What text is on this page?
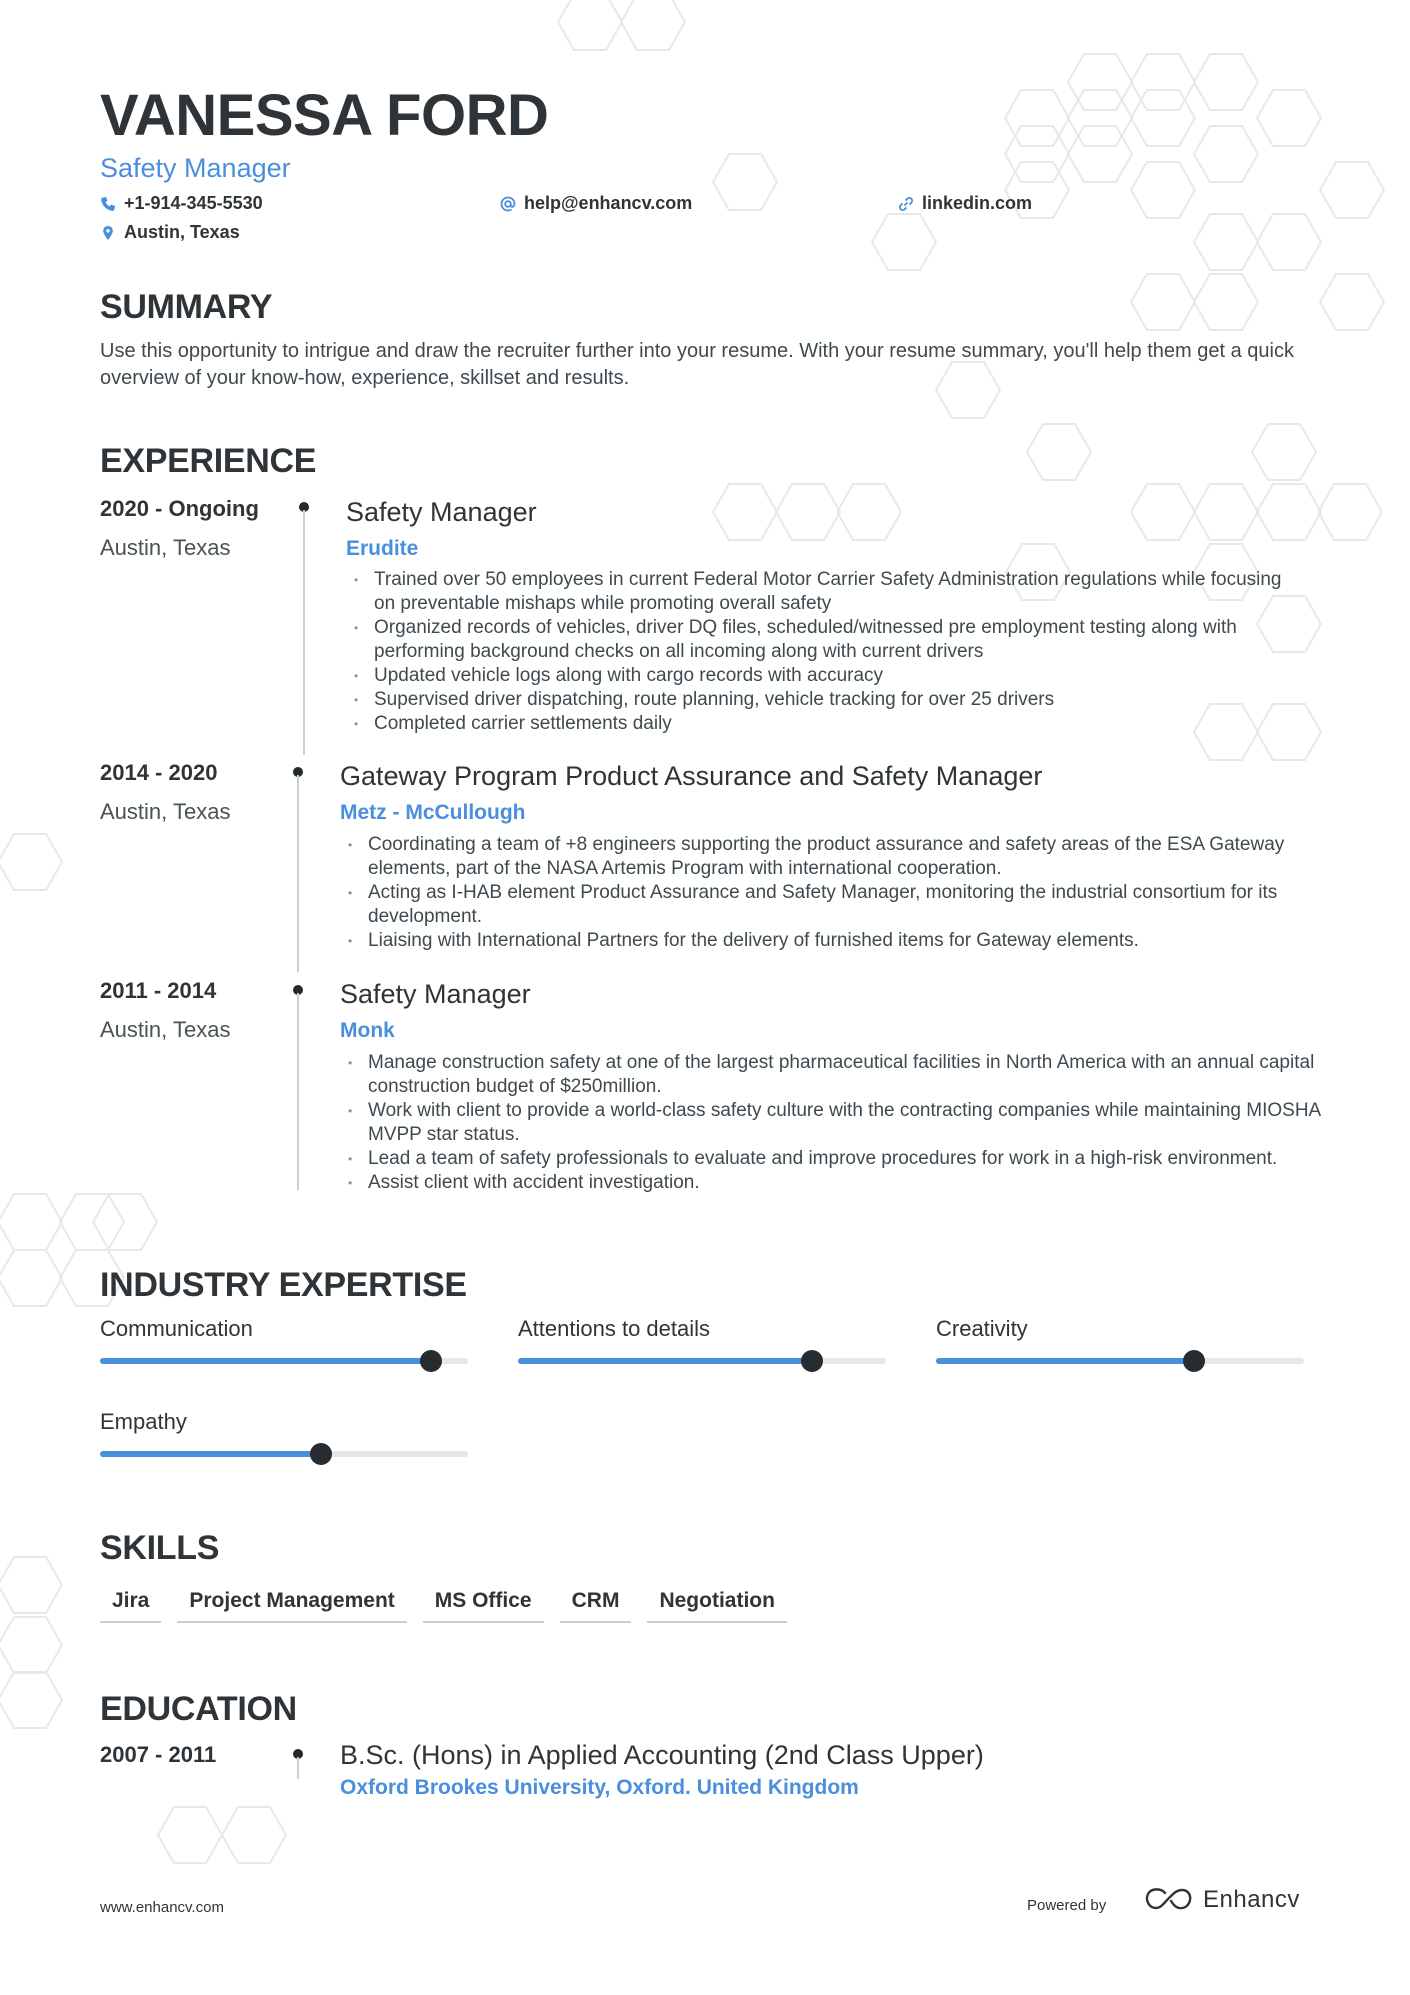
VANESSA FORD
Safety Manager
+1-914-345-5530	help@enhancv.com	linkedin.com
Austin, Texas
SUMMARY
Use this opportunity to intrigue and draw the recruiter further into your resume. With your resume summary, you'll help them get a quick overview of your know-how, experience, skillset and results.
EXPERIENCE
2020 - Ongoing
Austin, Texas
Safety Manager
Erudite
• Trained over 50 employees in current Federal Motor Carrier Safety Administration regulations while focusing on preventable mishaps while promoting overall safety
• Organized records of vehicles, driver DQ files, scheduled/witnessed pre employment testing along with performing background checks on all incoming along with current drivers
• Updated vehicle logs along with cargo records with accuracy
• Supervised driver dispatching, route planning, vehicle tracking for over 25 drivers
• Completed carrier settlements daily
2014 - 2020
Austin, Texas
Gateway Program Product Assurance and Safety Manager
Metz - McCullough
• Coordinating a team of +8 engineers supporting the product assurance and safety areas of the ESA Gateway elements, part of the NASA Artemis Program with international cooperation.
• Acting as I-HAB element Product Assurance and Safety Manager, monitoring the industrial consortium for its development.
• Liaising with International Partners for the delivery of furnished items for Gateway elements.
2011 - 2014
Austin, Texas
Safety Manager
Monk
• Manage construction safety at one of the largest pharmaceutical facilities in North America with an annual capital construction budget of $250million.
• Work with client to provide a world-class safety culture with the contracting companies while maintaining MIOSHA MVPP star status.
• Lead a team of safety professionals to evaluate and improve procedures for work in a high-risk environment.
• Assist client with accident investigation.
INDUSTRY EXPERTISE
Communication	Attentions to details	Creativity
Empathy
SKILLS
Jira	Project Management	MS Office	CRM	Negotiation
EDUCATION
2007 - 2011	B.Sc. (Hons) in Applied Accounting (2nd Class Upper)
Oxford Brookes University, Oxford. United Kingdom
www.enhancv.com	Powered by	Enhancv
